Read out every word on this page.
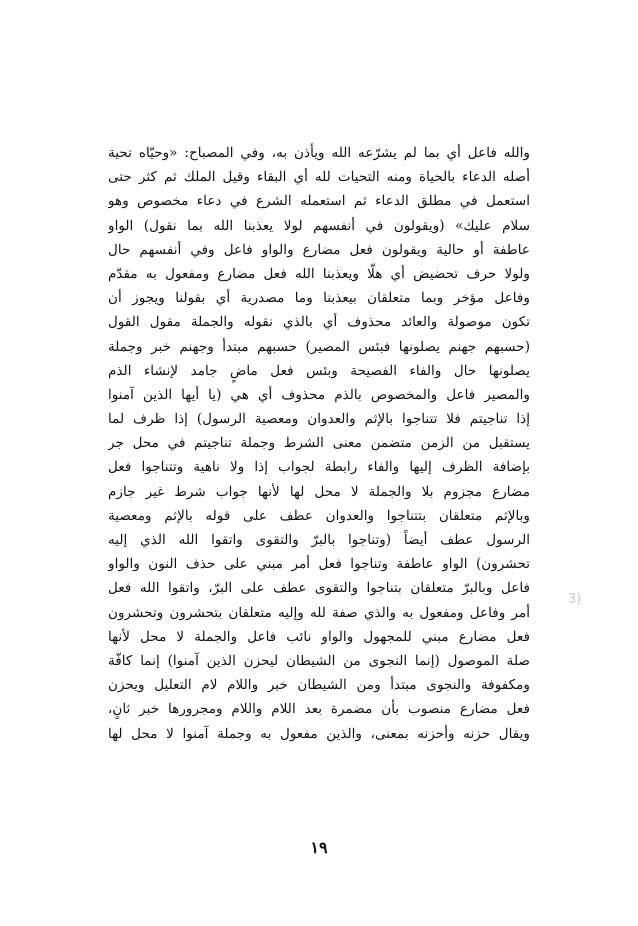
والله فاعل أي بما لم يشرّعه الله ويأذن به، وفي المصباح: «وحيّاه تحية
أصله الدعاء بالحياة ومنه التحيات لله أي البقاء وقيل الملك ثم كثر حتى
استعمل في مطلق الدعاء ثم استعمله الشرع في دعاء مخصوص وهو
سلام عليك» (ويقولون في أنفسهم لولا يعذبنا الله بما نقول) الواو
عاطفة أو حالية ويقولون فعل مضارع والواو فاعل وفي أنفسهم حال
ولولا حرف تحضيض أي هلّا ويعذبنا الله فعل مضارع ومفعول به مقدّم
وفاعل مؤخر وبما متعلقان بيعذبنا وما مصدرية أي بقولنا ويجوز أن
تكون موصولة والعائد محذوف أي بالذي نقوله والجملة مقول القول
(حسبهم جهنم يصلونها فبئس المصير) حسبهم مبتدأ وجهنم خبر وجملة
يصلونها حال والفاء الفصيحة وبئس فعل ماضٍ جامد لإنشاء الذم
والمصير فاعل والمخصوص بالذم محذوف أي هي (يا أيها الذين آمنوا
إذا تناجيتم فلا تتناجوا بالإثم والعدوان ومعصية الرسول) إذا ظرف لما
يستقبل من الزمن متضمن معنى الشرط وجملة تناجيتم في محل جر
بإضافة الظرف إليها والفاء رابطة لجواب إذا ولا ناهية وتتناجوا فعل
مضارع مجزوم بلا والجملة لا محل لها لأنها جواب شرط غير جازم
وبالإثم متعلقان بتتناجوا والعدوان عطف على قوله بالإثم ومعصية
الرسول عطف أيضاً (وتناجوا بالبرّ والتقوى واتقوا الله الذي إليه
تحشرون) الواو عاطفة وتناجوا فعل أمر مبني على حذف النون والواو
فاعل وبالبرّ متعلقان بتناجوا والتقوى عطف على البرّ، واتقوا الله فعل
أمر وفاعل ومفعول به والذي صفة لله وإليه متعلقان بتحشرون وتحشرون
فعل مضارع مبني للمجهول والواو نائب فاعل والجملة لا محل لأنها
صلة الموصول (إنما النجوى من الشيطان ليحزن الذين آمنوا) إنما كافّة
ومكفوفة والنجوى مبتدأ ومن الشيطان خبر واللام لام التعليل ويحزن
فعل مضارع منصوب بأن مضمرة بعد اللام واللام ومجرورها خبر ثانٍ،
ويقال حزنه وأحزنه بمعنى، والذين مفعول به وجملة آمنوا لا محل لها
3)
١٩
